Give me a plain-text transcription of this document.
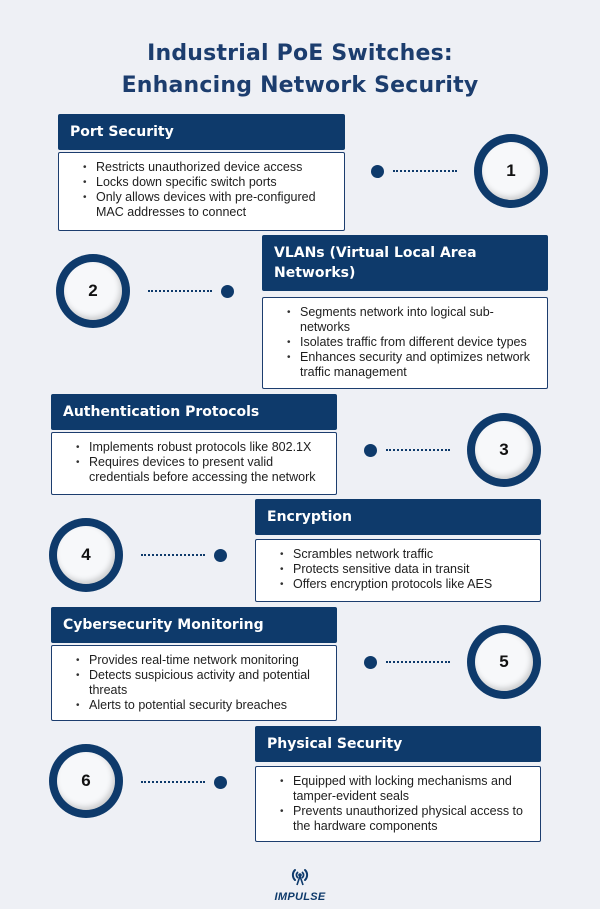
Industrial PoE Switches:
Enhancing Network Security
Port Security
• Restricts unauthorized device access
• Locks down specific switch ports
• Only allows devices with pre-configured MAC addresses to connect
1
2
VLANs (Virtual Local Area Networks)
• Segments network into logical sub-networks
• Isolates traffic from different device types
• Enhances security and optimizes network traffic management
Authentication Protocols
• Implements robust protocols like 802.1X
• Requires devices to present valid credentials before accessing the network
3
4
Encryption
• Scrambles network traffic
• Protects sensitive data in transit
• Offers encryption protocols like AES
Cybersecurity Monitoring
• Provides real-time network monitoring
• Detects suspicious activity and potential threats
• Alerts to potential security breaches
5
6
Physical Security
• Equipped with locking mechanisms and tamper-evident seals
• Prevents unauthorized physical access to the hardware components
IMPULSE
